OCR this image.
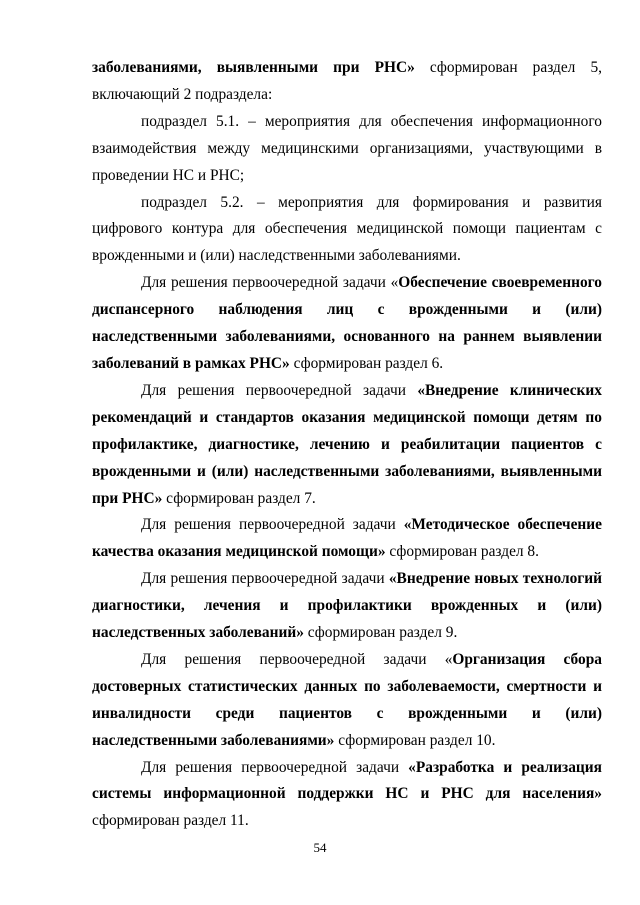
заболеваниями, выявленными при РНС» сформирован раздел 5, включающий 2 подраздела:

подраздел 5.1. – мероприятия для обеспечения информационного взаимодействия между медицинскими организациями, участвующими в проведении НС и РНС;

подраздел 5.2. – мероприятия для формирования и развития цифрового контура для обеспечения медицинской помощи пациентам с врожденными и (или) наследственными заболеваниями.

Для решения первоочередной задачи «Обеспечение своевременного диспансерного наблюдения лиц с врожденными и (или) наследственными заболеваниями, основанного на раннем выявлении заболеваний в рамках РНС» сформирован раздел 6.

Для решения первоочередной задачи «Внедрение клинических рекомендаций и стандартов оказания медицинской помощи детям по профилактике, диагностике, лечению и реабилитации пациентов с врожденными и (или) наследственными заболеваниями, выявленными при РНС» сформирован раздел 7.

Для решения первоочередной задачи «Методическое обеспечение качества оказания медицинской помощи» сформирован раздел 8.

Для решения первоочередной задачи «Внедрение новых технологий диагностики, лечения и профилактики врожденных и (или) наследственных заболеваний» сформирован раздел 9.

Для решения первоочередной задачи «Организация сбора достоверных статистических данных по заболеваемости, смертности и инвалидности среди пациентов с врожденными и (или) наследственными заболеваниями» сформирован раздел 10.

Для решения первоочередной задачи «Разработка и реализация системы информационной поддержки НС и РНС для населения» сформирован раздел 11.

54
